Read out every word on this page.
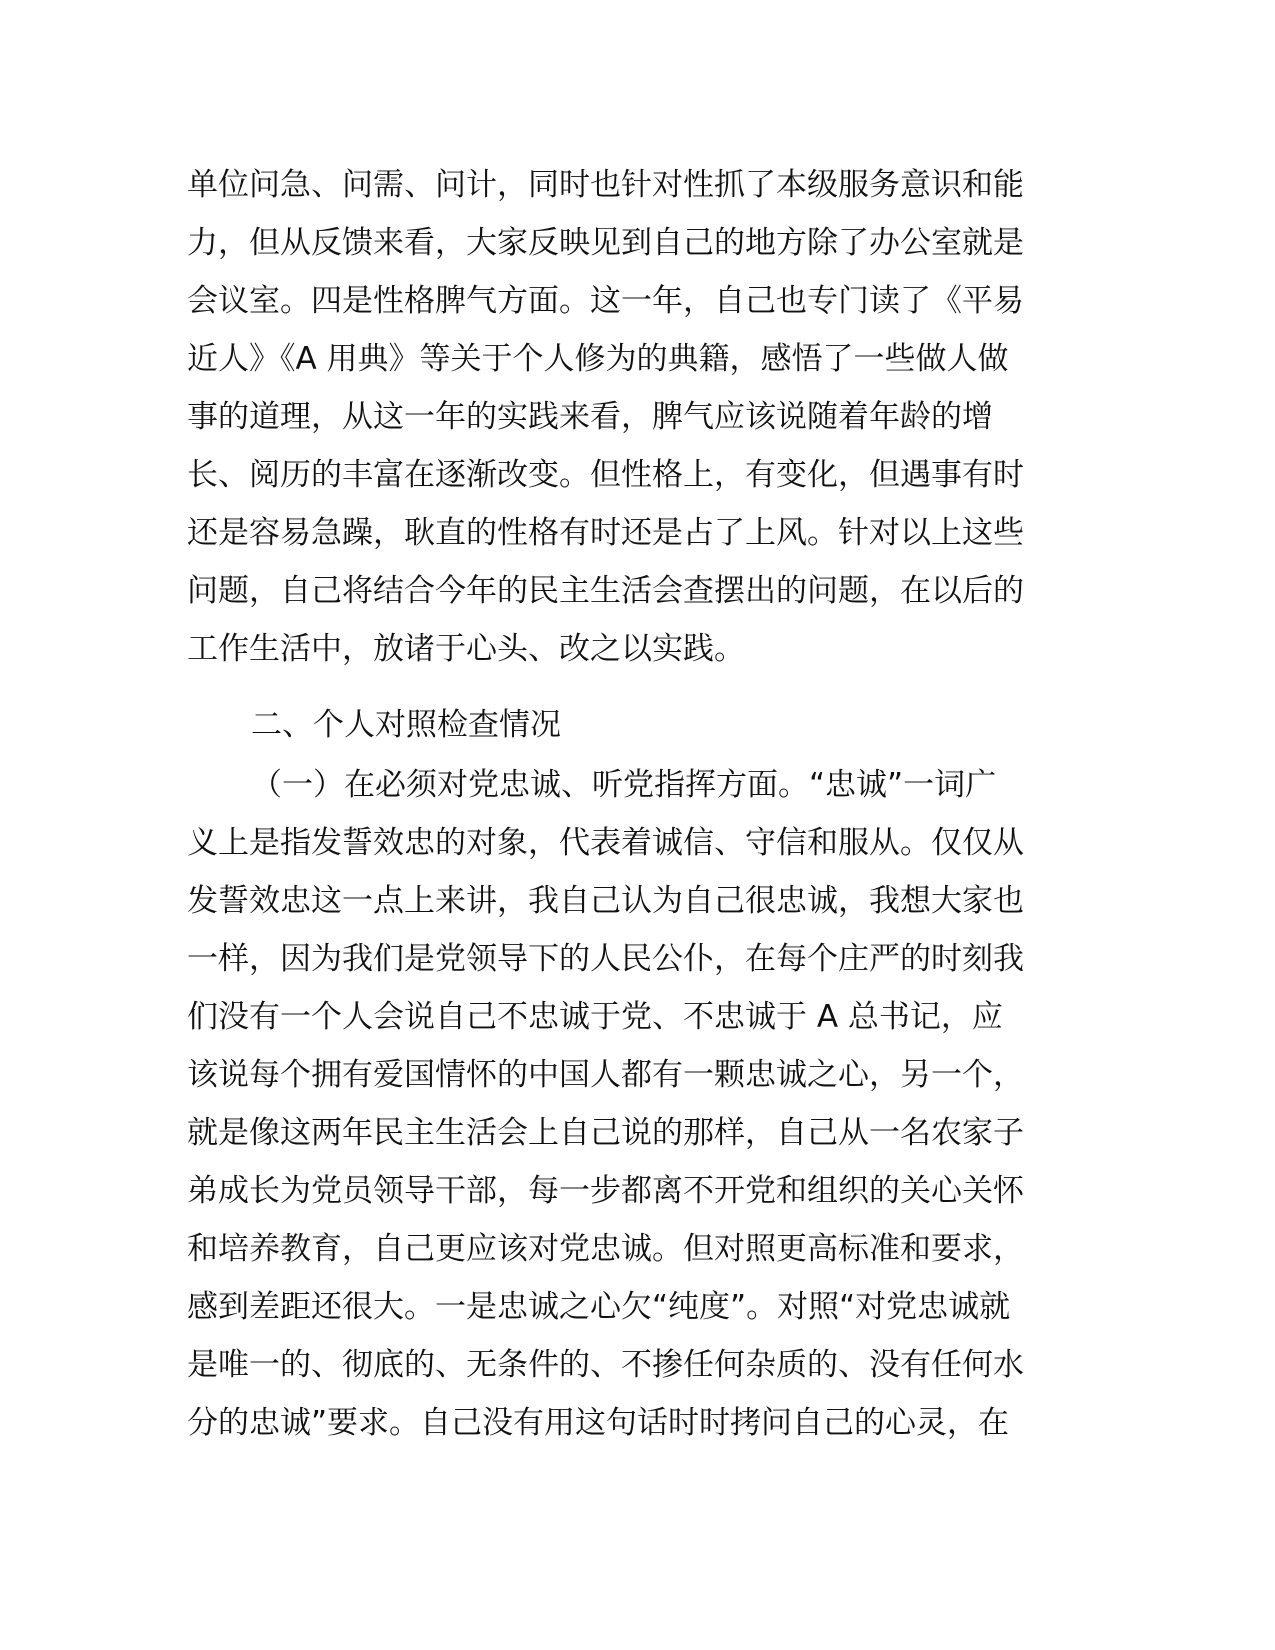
单位问急、问需、问计，同时也针对性抓了本级服务意识和能
力，但从反馈来看，大家反映见到自己的地方除了办公室就是
会议室。四是性格脾气方面。这一年，自己也专门读了《平易
近人》《A 用典》等关于个人修为的典籍，感悟了一些做人做
事的道理，从这一年的实践来看，脾气应该说随着年龄的增
长、阅历的丰富在逐渐改变。但性格上，有变化，但遇事有时
还是容易急躁，耿直的性格有时还是占了上风。针对以上这些
问题，自己将结合今年的民主生活会查摆出的问题，在以后的
工作生活中，放诸于心头、改之以实践。
二、个人对照检查情况
（一）在必须对党忠诚、听党指挥方面。“忠诚”一词广
义上是指发誓效忠的对象，代表着诚信、守信和服从。仅仅从
发誓效忠这一点上来讲，我自己认为自己很忠诚，我想大家也
一样，因为我们是党领导下的人民公仆，在每个庄严的时刻我
们没有一个人会说自己不忠诚于党、不忠诚于 A 总书记，应
该说每个拥有爱国情怀的中国人都有一颗忠诚之心，另一个，
就是像这两年民主生活会上自己说的那样，自己从一名农家子
弟成长为党员领导干部，每一步都离不开党和组织的关心关怀
和培养教育，自己更应该对党忠诚。但对照更高标准和要求，
感到差距还很大。一是忠诚之心欠“纯度”。对照“对党忠诚就
是唯一的、彻底的、无条件的、不掺任何杂质的、没有任何水
分的忠诚”要求。自己没有用这句话时时拷问自己的心灵，在
